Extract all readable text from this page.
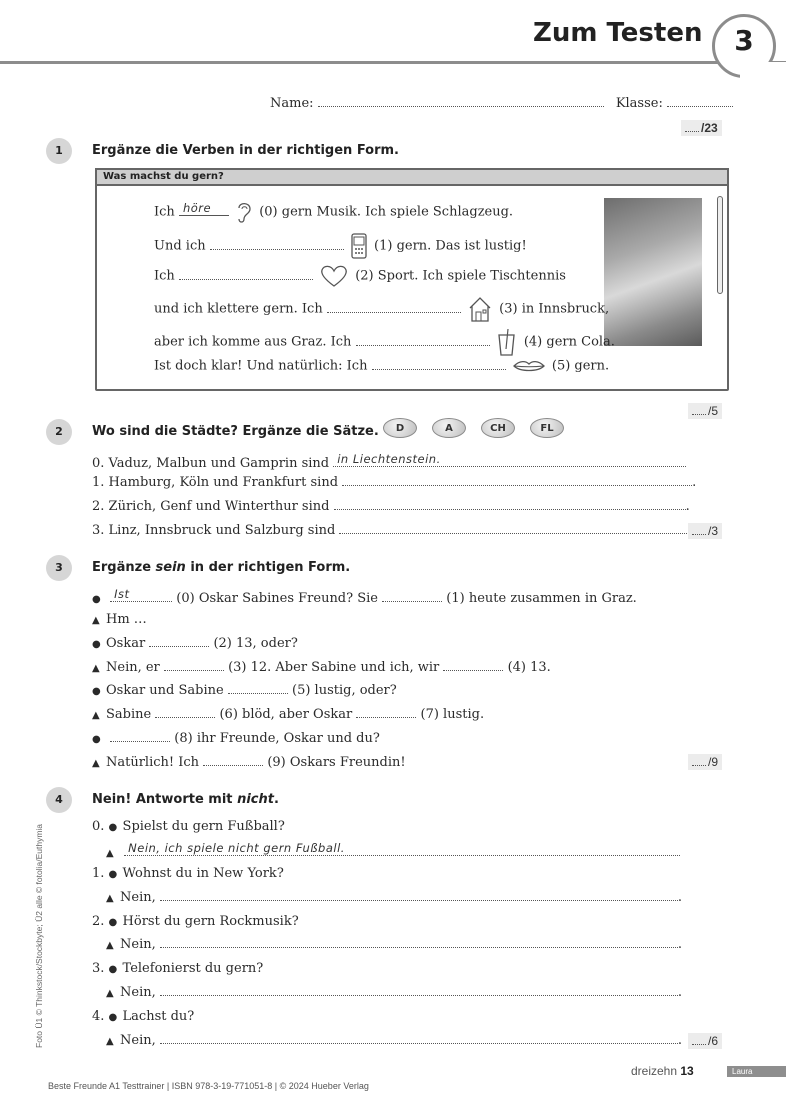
Zum Testen	3
Name:	Klasse:
/23
1	Ergänze die Verben in der richtigen Form.
Was machst du gern?
Ich höre	(0) gern Musik. Ich spiele Schlagzeug.
Und ich	(1) gern. Das ist lustig!
Ich	(2) Sport. Ich spiele Tischtennis
und ich klettere gern. Ich	(3) in Innsbruck,
aber ich komme aus Graz. Ich	(4) gern Cola.
Ist doch klar! Und natürlich: Ich	(5) gern.
/5
2	Wo sind die Städte? Ergänze die Sätze.	D	A	CH	FL
0. Vaduz, Malbun und Gamprin sind in Liechtenstein.
1. Hamburg, Köln und Frankfurt sind	.
2. Zürich, Genf und Winterthur sind	.
3. Linz, Innsbruck und Salzburg sind	/3
3	Ergänze sein in der richtigen Form.
● Ist	(0) Oskar Sabines Freund? Sie	(1) heute zusammen in Graz.
▲ Hm …
● Oskar	(2) 13, oder?
▲ Nein, er	(3) 12. Aber Sabine und ich, wir	(4) 13.
● Oskar und Sabine	(5) lustig, oder?
▲ Sabine	(6) blöd, aber Oskar	(7) lustig.
●	(8) ihr Freunde, Oskar und du?
▲ Natürlich! Ich	(9) Oskars Freundin!	/9
4	Nein! Antworte mit nicht.
0. ● Spielst du gern Fußball?
▲ Nein, ich spiele nicht gern Fußball.
1. ● Wohnst du in New York?
▲ Nein,	.
2. ● Hörst du gern Rockmusik?
▲ Nein,	.
3. ● Telefonierst du gern?
▲ Nein,	.
4. ● Lachst du?
▲ Nein,	.	/6
Foto Ü1 © Thinkstock/Stockbyte; Ü2 alle © fotolia/Euthymia
Beste Freunde A1 Testtrainer | ISBN 978-3-19-771051-8 | © 2024 Hueber Verlag
dreizehn 13	Laura
